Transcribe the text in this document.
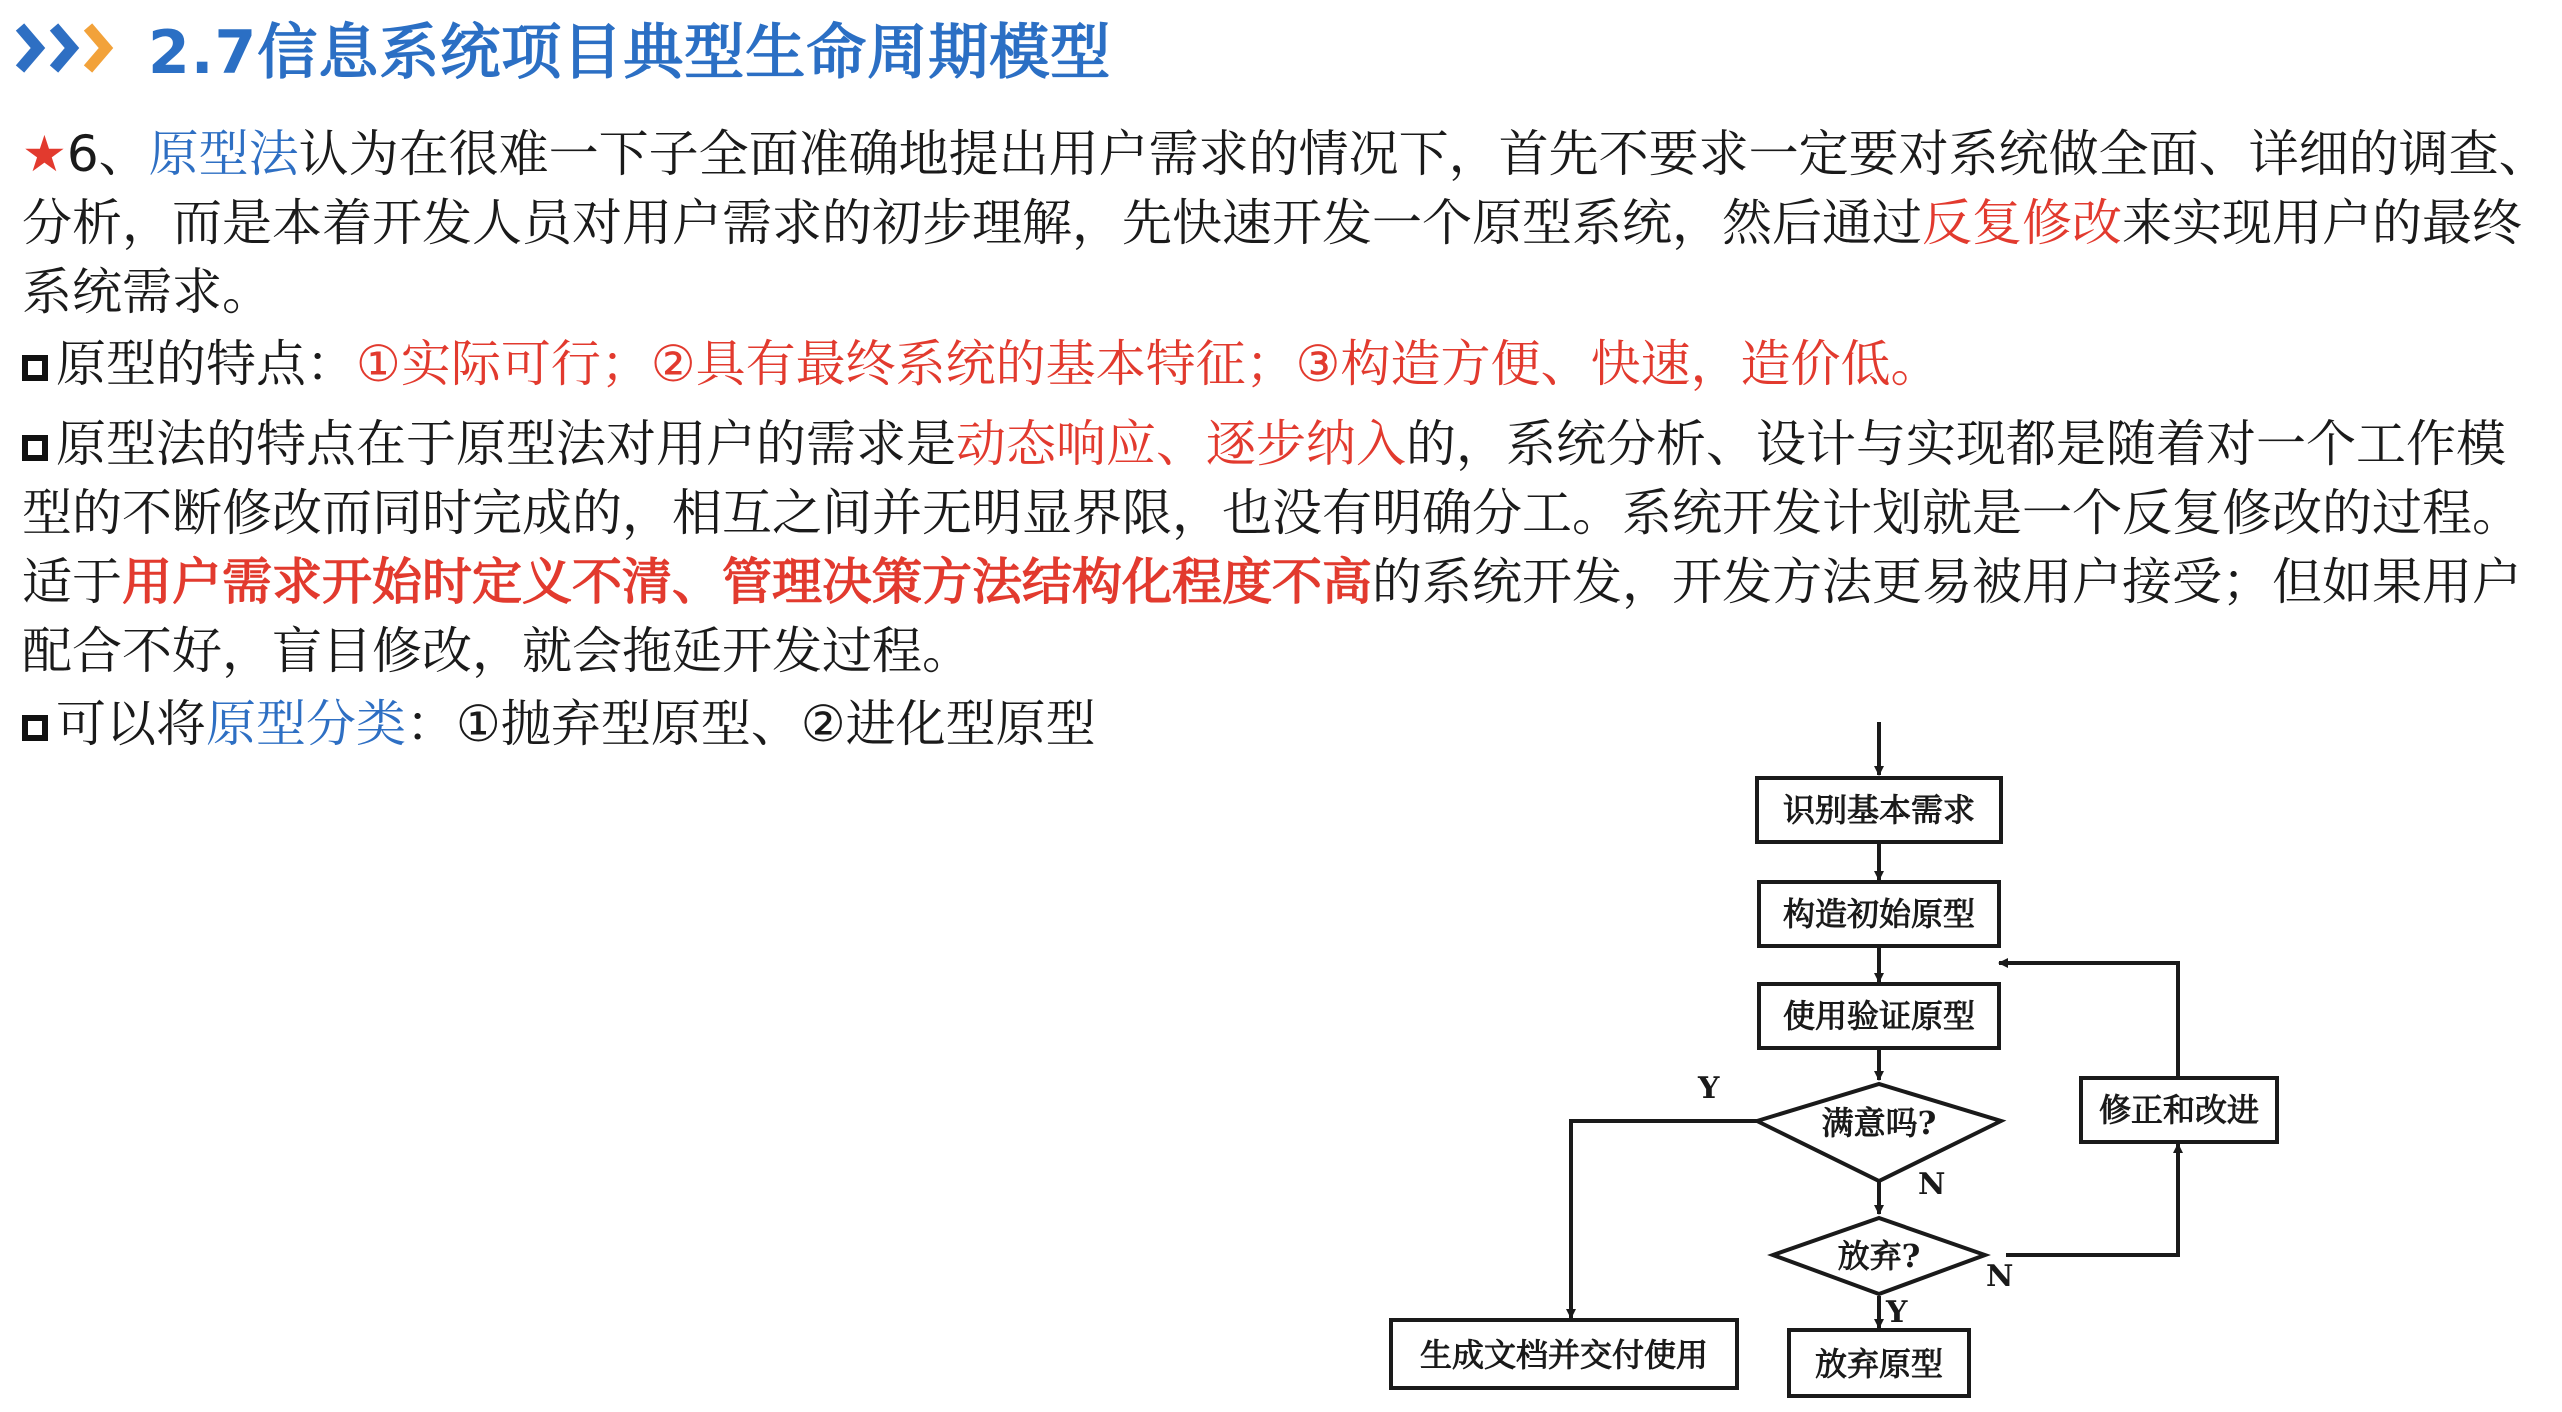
2.7信息系统项目典型生命周期模型

★6、原型法认为在很难一下子全面准确地提出用户需求的情况下，首先不要求一定要对系统做全面、详细的调查、分析，而是本着开发人员对用户需求的初步理解，先快速开发一个原型系统，然后通过反复修改来实现用户的最终系统需求。

原型的特点：①实际可行；②具有最终系统的基本特征；③构造方便、快速，造价低。

原型法的特点在于原型法对用户的需求是动态响应、逐步纳入的，系统分析、设计与实现都是随着对一个工作模型的不断修改而同时完成的，相互之间并无明显界限，也没有明确分工。系统开发计划就是一个反复修改的过程。适于用户需求开始时定义不清、管理决策方法结构化程度不高的系统开发，开发方法更易被用户接受；但如果用户配合不好，盲目修改，就会拖延开发过程。

可以将原型分类：①抛弃型原型、②进化型原型

识别基本需求
构造初始原型
使用验证原型
满意吗?
放弃?
修正和改进
生成文档并交付使用	放弃原型
Y
N
N
Y
